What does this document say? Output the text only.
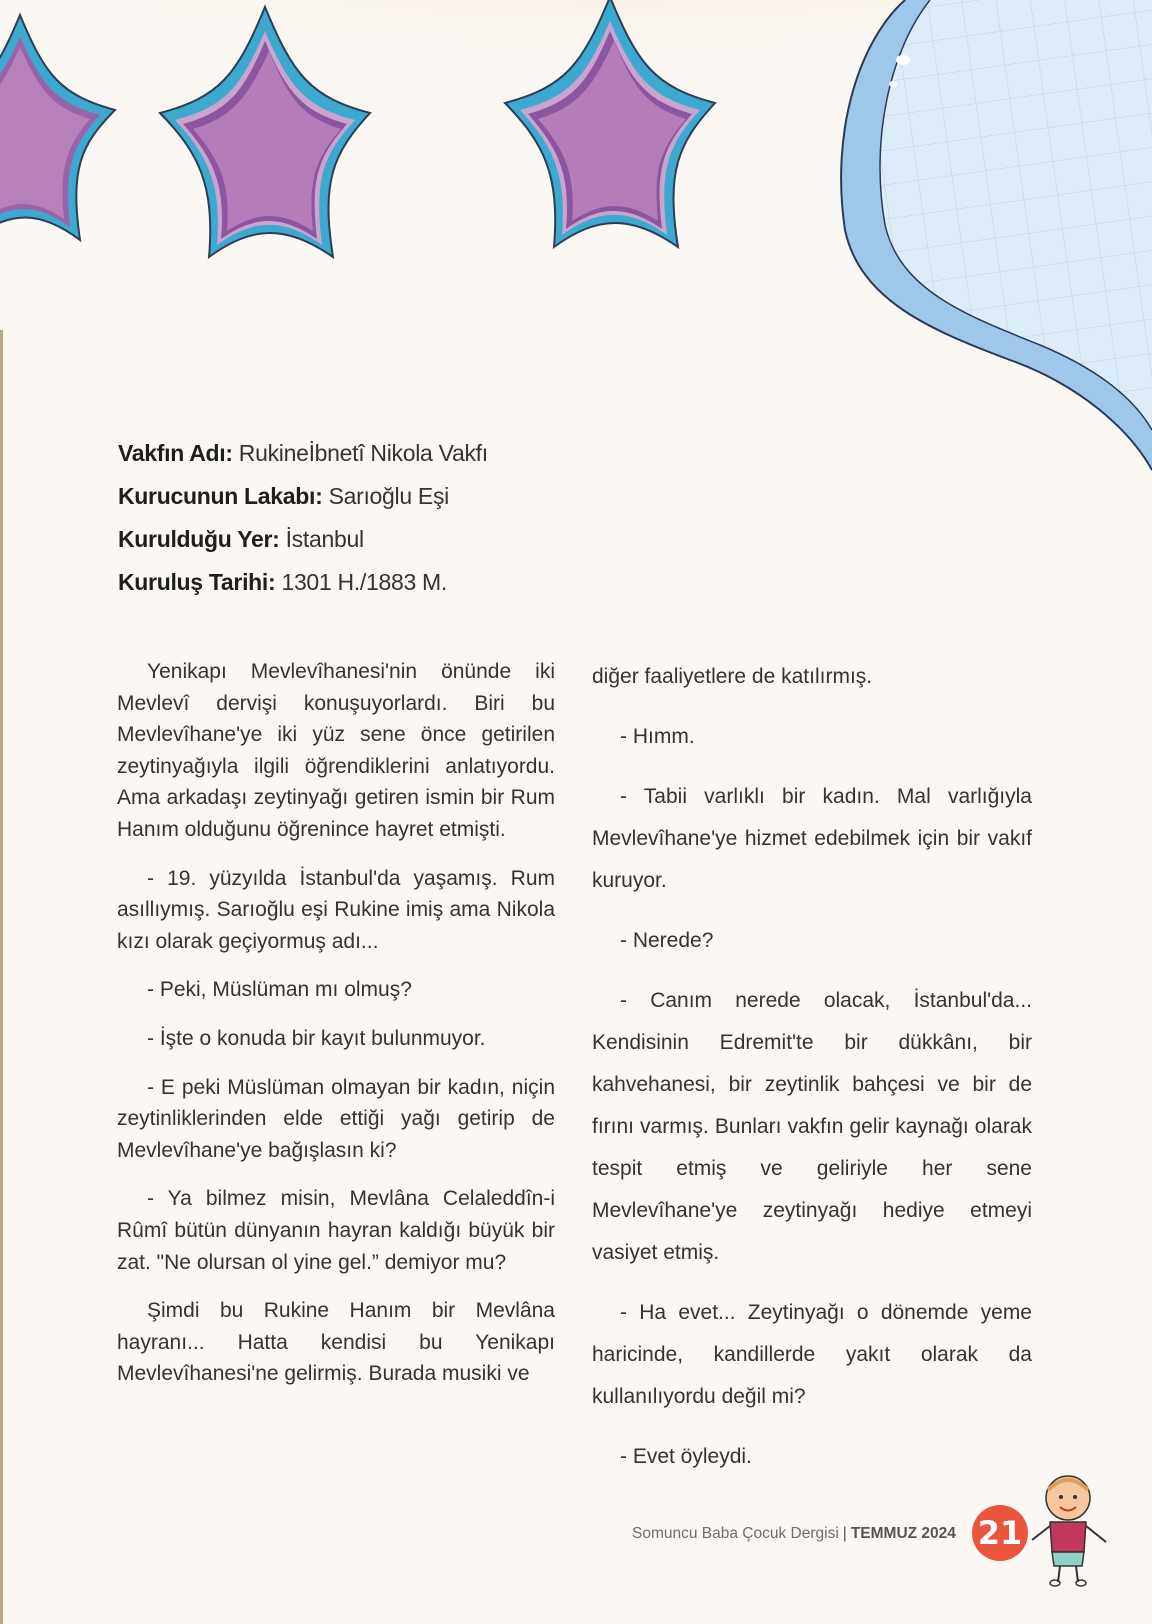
Vakfın Adı: Rukineİbnetî Nikola Vakfı
Kurucunun Lakabı: Sarıoğlu Eşi
Kurulduğu Yer: İstanbul
Kuruluş Tarihi: 1301 H./1883 M.

Yenikapı Mevlevîhanesi'nin önünde iki Mevlevî dervişi konuşuyorlardı. Biri bu Mevlevîhane'ye iki yüz sene önce getirilen zeytinyağıyla ilgili öğrendiklerini anlatıyordu. Ama arkadaşı zeytinyağı getiren ismin bir Rum Hanım olduğunu öğrenince hayret etmişti.

- 19. yüzyılda İstanbul'da yaşamış. Rum asıllıymış. Sarıoğlu eşi Rukine imiş ama Nikola kızı olarak geçiyormuş adı...

- Peki, Müslüman mı olmuş?

- İşte o konuda bir kayıt bulunmuyor.

- E peki Müslüman olmayan bir kadın, niçin zeytinliklerinden elde ettiği yağı getirip de Mevlevîhane'ye bağışlasın ki?

- Ya bilmez misin, Mevlâna Celaleddîn-i Rûmî bütün dünyanın hayran kaldığı büyük bir zat. "Ne olursan ol yine gel.” demiyor mu?

Şimdi bu Rukine Hanım bir Mevlâna hayranı... Hatta kendisi bu Yenikapı Mevlevîhanesi'ne gelirmiş. Burada musiki ve

diğer faaliyetlere de katılırmış.

- Hımm.

- Tabii varlıklı bir kadın. Mal varlığıyla Mevlevîhane'ye hizmet edebilmek için bir vakıf kuruyor.

- Nerede?

- Canım nerede olacak, İstanbul'da... Kendisinin Edremit'te bir dükkânı, bir kahvehanesi, bir zeytinlik bahçesi ve bir de fırını varmış. Bunları vakfın gelir kaynağı olarak tespit etmiş ve geliriyle her sene Mevlevîhane'ye zeytinyağı hediye etmeyi vasiyet etmiş.

- Ha evet... Zeytinyağı o dönemde yeme haricinde, kandillerde yakıt olarak da kullanılıyordu değil mi?

- Evet öyleydi.

Somuncu Baba Çocuk Dergisi | TEMMUZ 2024 21
